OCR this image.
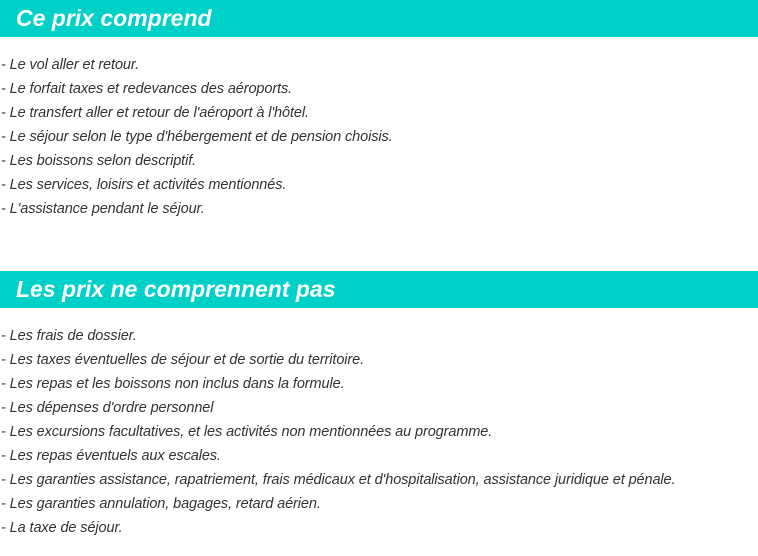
Ce prix comprend
- Le vol aller et retour.
- Le forfait taxes et redevances des aéroports.
- Le transfert aller et retour de l'aéroport à l'hôtel.
- Le séjour selon le type d'hébergement et de pension choisis.
- Les boissons selon descriptif.
- Les services, loisirs et activités mentionnés.
- L'assistance pendant le séjour.
Les prix ne comprennent pas
- Les frais de dossier.
- Les taxes éventuelles de séjour et de sortie du territoire.
- Les repas et les boissons non inclus dans la formule.
- Les dépenses d'ordre personnel
- Les excursions facultatives, et les activités non mentionnées au programme.
- Les repas éventuels aux escales.
- Les garanties assistance, rapatriement, frais médicaux et d'hospitalisation, assistance juridique et pénale.
- Les garanties annulation, bagages, retard aérien.
- La taxe de séjour.
